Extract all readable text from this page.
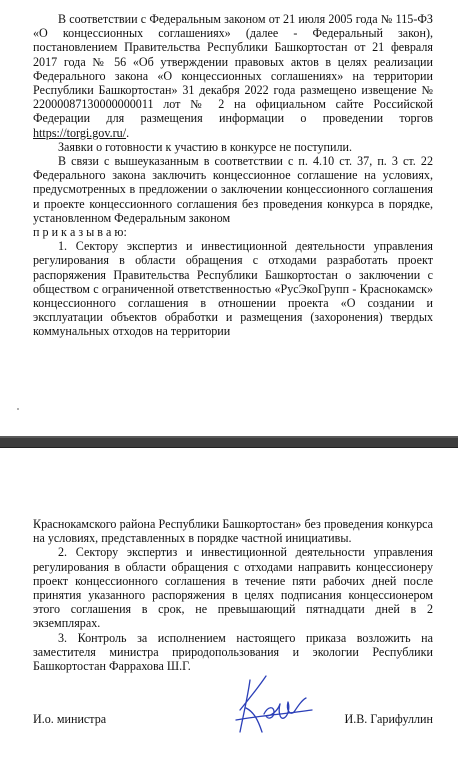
В соответствии с Федеральным законом от 21 июля 2005 года № 115-ФЗ «О концессионных соглашениях» (далее - Федеральный закон), постановлением Правительства Республики Башкортостан от 21 февраля 2017 года № 56 «Об утверждении правовых актов в целях реализации Федерального закона «О концессионных соглашениях» на территории Республики Башкортостан» 31 декабря 2022 года размещено извещение № 22000087130000000011 лот № 2 на официальном сайте Российской Федерации для размещения информации о проведении торгов https://torgi.gov.ru/.

Заявки о готовности к участию в конкурсе не поступили.

В связи с вышеуказанным в соответствии с п. 4.10 ст. 37, п. 3 ст. 22 Федерального закона заключить концессионное соглашение на условиях, предусмотренных в предложении о заключении концессионного соглашения и проекте концессионного соглашения без проведения конкурса в порядке, установленном Федеральным законом

п р и к а з ы в а ю:

1. Сектору экспертиз и инвестиционной деятельности управления регулирования в области обращения с отходами разработать проект распоряжения Правительства Республики Башкортостан о заключении с обществом с ограниченной ответственностью «РусЭкоГрупп - Краснокамск» концессионного соглашения в отношении проекта «О создании и эксплуатации объектов обработки и размещения (захоронения) твердых коммунальных отходов на территории

Краснокамского района Республики Башкортостан» без проведения конкурса на условиях, представленных в порядке частной инициативы.

2. Сектору экспертиз и инвестиционной деятельности управления регулирования в области обращения с отходами направить концессионеру проект концессионного соглашения в течение пяти рабочих дней после принятия указанного распоряжения в целях подписания концессионером этого соглашения в срок, не превышающий пятнадцати дней в 2 экземплярах.

3. Контроль за исполнением настоящего приказа возложить на заместителя министра природопользования и экологии Республики Башкортостан Фаррахова Ш.Г.

И.о. министра	И.В. Гарифуллин
